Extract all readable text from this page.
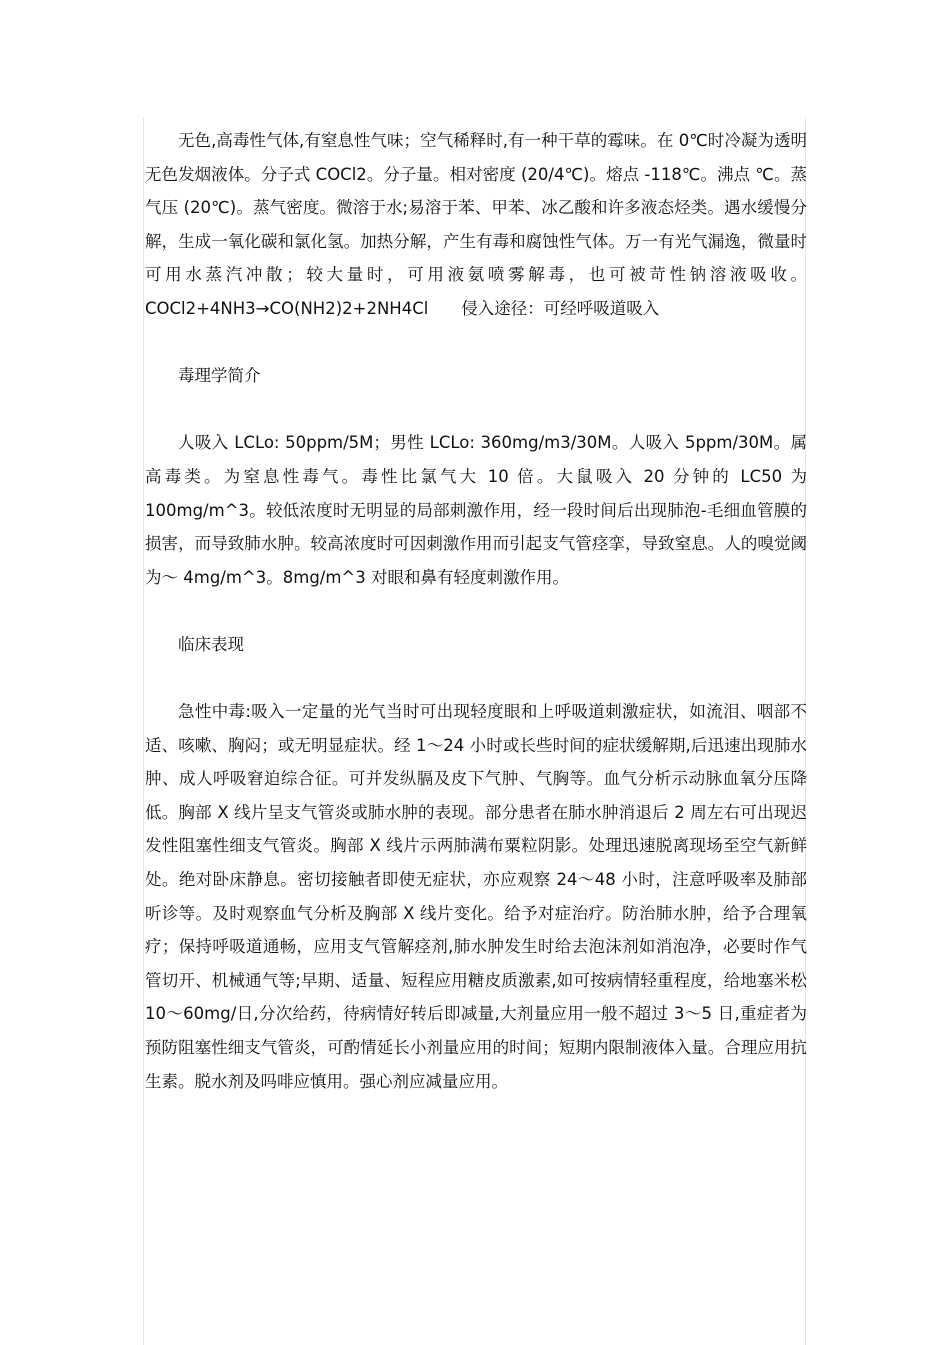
无色,高毒性气体,有窒息性气味；空气稀释时,有一种干草的霉味。在 0℃时冷凝为透明无色发烟液体。分子式 COCl2。分子量。相对密度 (20/4℃)。熔点 -118℃。沸点 ℃。蒸气压 (20℃)。蒸气密度。微溶于水;易溶于苯、甲苯、冰乙酸和许多液态烃类。遇水缓慢分解，生成一氧化碳和氯化氢。加热分解，产生有毒和腐蚀性气体。万一有光气漏逸，微量时可用水蒸汽冲散；较大量时，可用液氨喷雾解毒，也可被苛性钠溶液吸收。COCl2+4NH3→CO(NH2)2+2NH4Cl　　侵入途径：可经呼吸道吸入

毒理学简介

人吸入 LCLo: 50ppm/5M；男性 LCLo: 360mg/m3/30M。人吸入 5ppm/30M。属高毒类。为窒息性毒气。毒性比氯气大 10 倍。大鼠吸入 20 分钟的 LC50 为 100mg/m^3。较低浓度时无明显的局部刺激作用，经一段时间后出现肺泡-毛细血管膜的损害，而导致肺水肿。较高浓度时可因刺激作用而引起支气管痉挛，导致窒息。人的嗅觉阈为～ 4mg/m^3。8mg/m^3 对眼和鼻有轻度刺激作用。

临床表现

急性中毒:吸入一定量的光气当时可出现轻度眼和上呼吸道刺激症状，如流泪、咽部不适、咳嗽、胸闷；或无明显症状。经 1～24 小时或长些时间的症状缓解期,后迅速出现肺水肿、成人呼吸窘迫综合征。可并发纵膈及皮下气肿、气胸等。血气分析示动脉血氧分压降低。胸部 X 线片呈支气管炎或肺水肿的表现。部分患者在肺水肿消退后 2 周左右可出现迟发性阻塞性细支气管炎。胸部 X 线片示两肺满布粟粒阴影。处理迅速脱离现场至空气新鲜处。绝对卧床静息。密切接触者即使无症状，亦应观察 24～48 小时，注意呼吸率及肺部听诊等。及时观察血气分析及胸部 X 线片变化。给予对症治疗。防治肺水肿，给予合理氧疗；保持呼吸道通畅，应用支气管解痉剂,肺水肿发生时给去泡沫剂如消泡净，必要时作气管切开、机械通气等;早期、适量、短程应用糖皮质激素,如可按病情轻重程度，给地塞米松 10～60mg/日,分次给药，待病情好转后即减量,大剂量应用一般不超过 3～5 日,重症者为预防阻塞性细支气管炎，可酌情延长小剂量应用的时间；短期内限制液体入量。合理应用抗生素。脱水剂及吗啡应慎用。强心剂应减量应用。
